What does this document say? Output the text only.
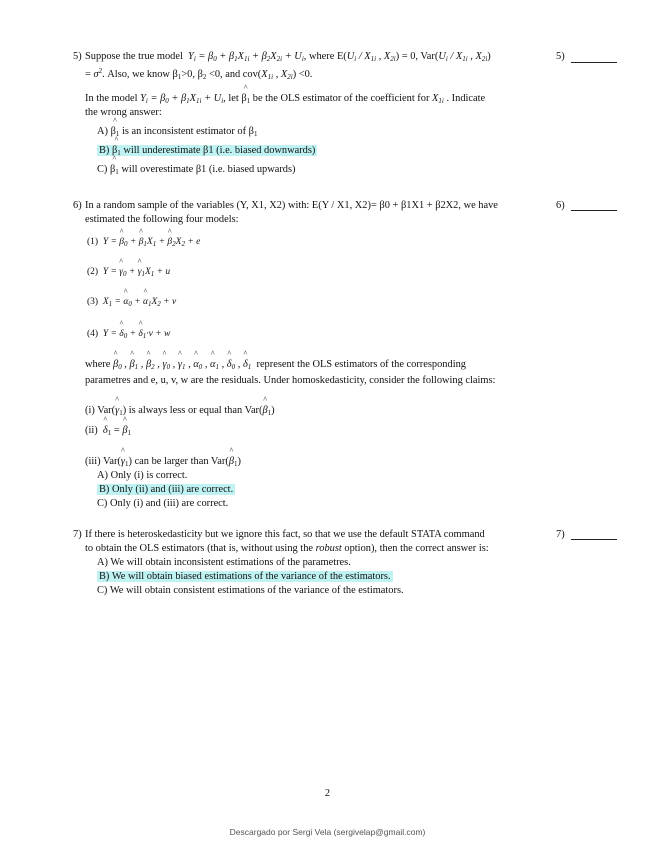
5)	5)
Suppose the true model  $Y_i = \beta_0 + \beta_1X_{1i} + \beta_2X_{2i} + U_i$, where $E(U_i / X_{1i}$ , $X_{2i}) = 0$, $Var(U_i / X_{1i}$ , $X_{2i}$)
= $\sigma^2$. Also, we know $\beta_1>0$, $\beta_2 <0$, and $cov(X_{1i}$ , $X_{2i}) <0$.
In the model $Y_i = \beta_0 + \beta_1X_{1i} + U_i$, let ^ $\beta_1$ be the OLS estimator of the coefficient for $X_{1i}$ . Indicate
the wrong answer:
A) ^ $\beta_1$ is an inconsistent estimator of $\beta_1$
B) ^ $\beta_1$ will underestimate β1 (i.e. biased downwards)
C) ^ $\beta_1$ will overestimate β1 (i.e. biased upwards)
6)	6)
In a random sample of the variables (Y, X1, X2) with: E(Y / X1, X2)= β0 + β1X1 + β2X2, we have
estimated the following four models:
(1) Y = ^ $\beta_0$ + ^ $\beta_1X_1$ + ^ $\beta_2X_2 + e$
(2) Y = ^ $\gamma_0$ + ^ $\gamma_1X_1 + u$
(3) $X_1$ = ^ $\alpha_0$ + ^ $\alpha_1X_2 + v$
(4) Y = ^ $\delta_0$ + ^ $\delta_1\cdot v + w$
where ^ $\beta_0$ , ^ $\beta_1$ , ^ $\beta_2$ , ^ $\gamma_0$ , ^ $\gamma_1$ , ^ $\alpha_0$ , ^ $\alpha_1$ , ^ $\delta_0$ , ^ $\delta_1$ represent the OLS estimators of the corresponding
parametres and e, u, v, w are the residuals. Under homoskedasticity, consider the following claims:
(i) Var(^ $\gamma_1$) is always less or equal than Var(^ $\beta_1$)
(ii) ^ $\delta_1$ = ^ $\beta_1$
(iii) Var(^ $\gamma_1$) can be larger than Var(^ $\beta_1$)
A) Only (i) is correct.
B) Only (ii) and (iii) are correct.
C) Only (i) and (iii) are correct.
7)	7)
If there is heteroskedasticity but we ignore this fact, so that we use the default STATA command
to obtain the OLS estimators (that is, without using the robust option), then the correct answer is:
A) We will obtain inconsistent estimations of the parametres.
B) We will obtain biased estimations of the variance of the estimators.
C) We will obtain consistent estimations of the variance of the estimators.
2
Descargado por Sergi Vela (sergivelap@gmail.com)
